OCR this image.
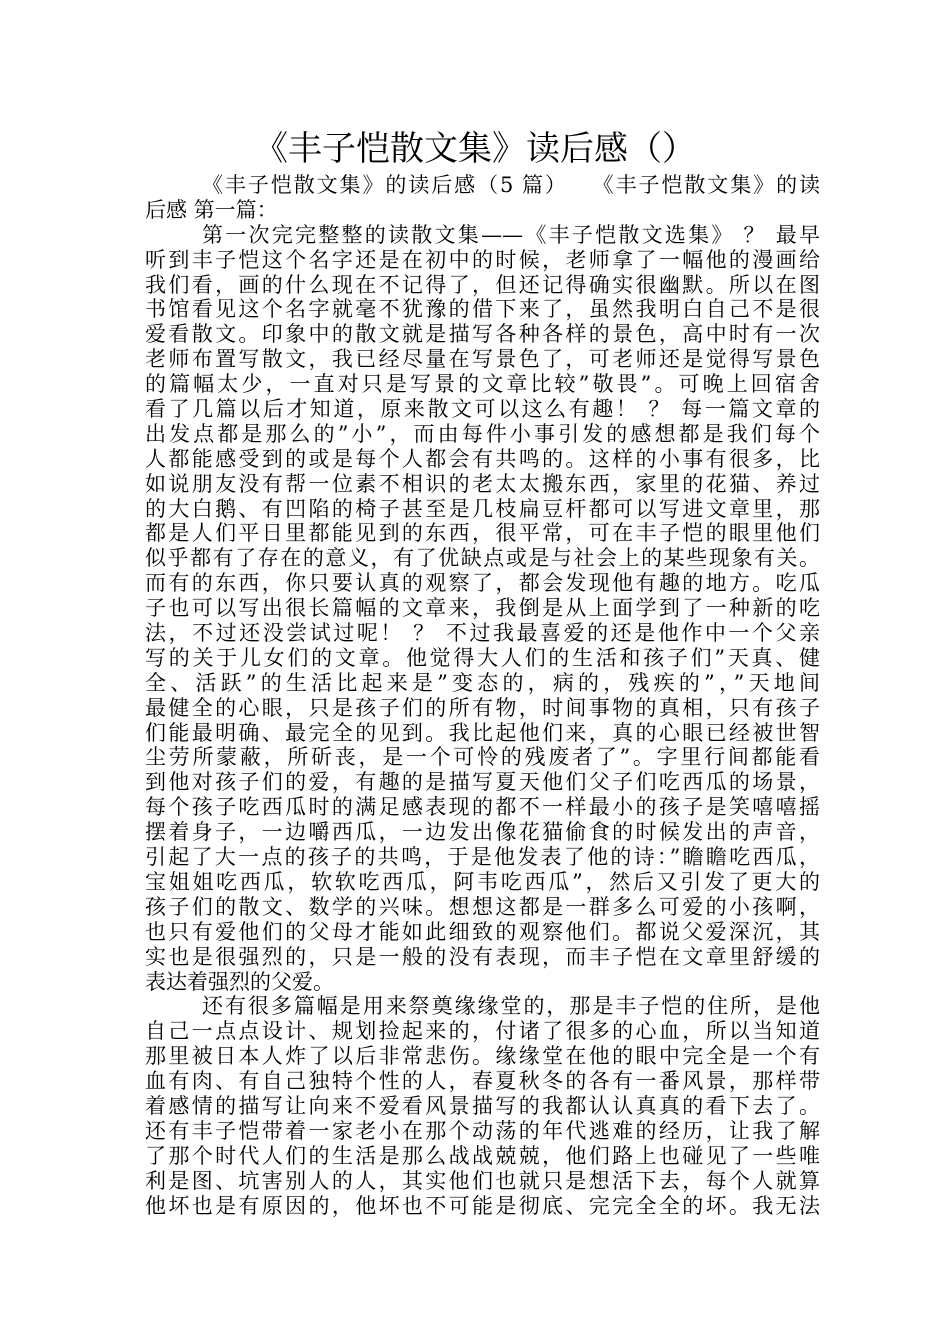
《丰子恺散文集》读后感（）
《丰子恺散文集》的读后感（5 篇）　　《丰子恺散文集》的读
后感 第一篇：
第一次完完整整的读散文集——《丰子恺散文选集》 ？ 最早
听到丰子恺这个名字还是在初中的时候，老师拿了一幅他的漫画给
我们看，画的什么现在不记得了，但还记得确实很幽默。所以在图
书馆看见这个名字就毫不犹豫的借下来了，虽然我明白自己不是很
爱看散文。印象中的散文就是描写各种各样的景色，高中时有一次
老师布置写散文，我已经尽量在写景色了，可老师还是觉得写景色
的篇幅太少，一直对只是写景的文章比较”敬畏”。可晚上回宿舍
看了几篇以后才知道，原来散文可以这么有趣！ ？ 每一篇文章的
出发点都是那么的”小”，而由每件小事引发的感想都是我们每个
人都能感受到的或是每个人都会有共鸣的。这样的小事有很多，比
如说朋友没有帮一位素不相识的老太太搬东西，家里的花猫、养过
的大白鹅、有凹陷的椅子甚至是几枝扁豆杆都可以写进文章里，那
都是人们平日里都能见到的东西，很平常，可在丰子恺的眼里他们
似乎都有了存在的意义，有了优缺点或是与社会上的某些现象有关。
而有的东西，你只要认真的观察了，都会发现他有趣的地方。吃瓜
子也可以写出很长篇幅的文章来，我倒是从上面学到了一种新的吃
法，不过还没尝试过呢！ ？ 不过我最喜爱的还是他作中一个父亲
写的关于儿女们的文章。他觉得大人们的生活和孩子们”天真、健
全、活跃”的生活比起来是”变态的，病的，残疾的”，”天地间
最健全的心眼，只是孩子们的所有物，时间事物的真相，只有孩子
们能最明确、最完全的见到。我比起他们来，真的心眼已经被世智
尘劳所蒙蔽，所斫丧，是一个可怜的残废者了”。字里行间都能看
到他对孩子们的爱，有趣的是描写夏天他们父子们吃西瓜的场景，
每个孩子吃西瓜时的满足感表现的都不一样最小的孩子是笑嘻嘻摇
摆着身子，一边嚼西瓜，一边发出像花猫偷食的时候发出的声音，
引起了大一点的孩子的共鸣，于是他发表了他的诗：”瞻瞻吃西瓜，
宝姐姐吃西瓜，软软吃西瓜，阿韦吃西瓜”，然后又引发了更大的
孩子们的散文、数学的兴味。想想这都是一群多么可爱的小孩啊，
也只有爱他们的父母才能如此细致的观察他们。都说父爱深沉，其
实也是很强烈的，只是一般的没有表现，而丰子恺在文章里舒缓的
表达着强烈的父爱。
还有很多篇幅是用来祭奠缘缘堂的，那是丰子恺的住所，是他
自己一点点设计、规划捡起来的，付诸了很多的心血，所以当知道
那里被日本人炸了以后非常悲伤。缘缘堂在他的眼中完全是一个有
血有肉、有自己独特个性的人，春夏秋冬的各有一番风景，那样带
着感情的描写让向来不爱看风景描写的我都认认真真的看下去了。
还有丰子恺带着一家老小在那个动荡的年代逃难的经历，让我了解
了那个时代人们的生活是那么战战兢兢，他们路上也碰见了一些唯
利是图、坑害别人的人，其实他们也就只是想活下去，每个人就算
他坏也是有原因的，他坏也不可能是彻底、完完全全的坏。我无法
